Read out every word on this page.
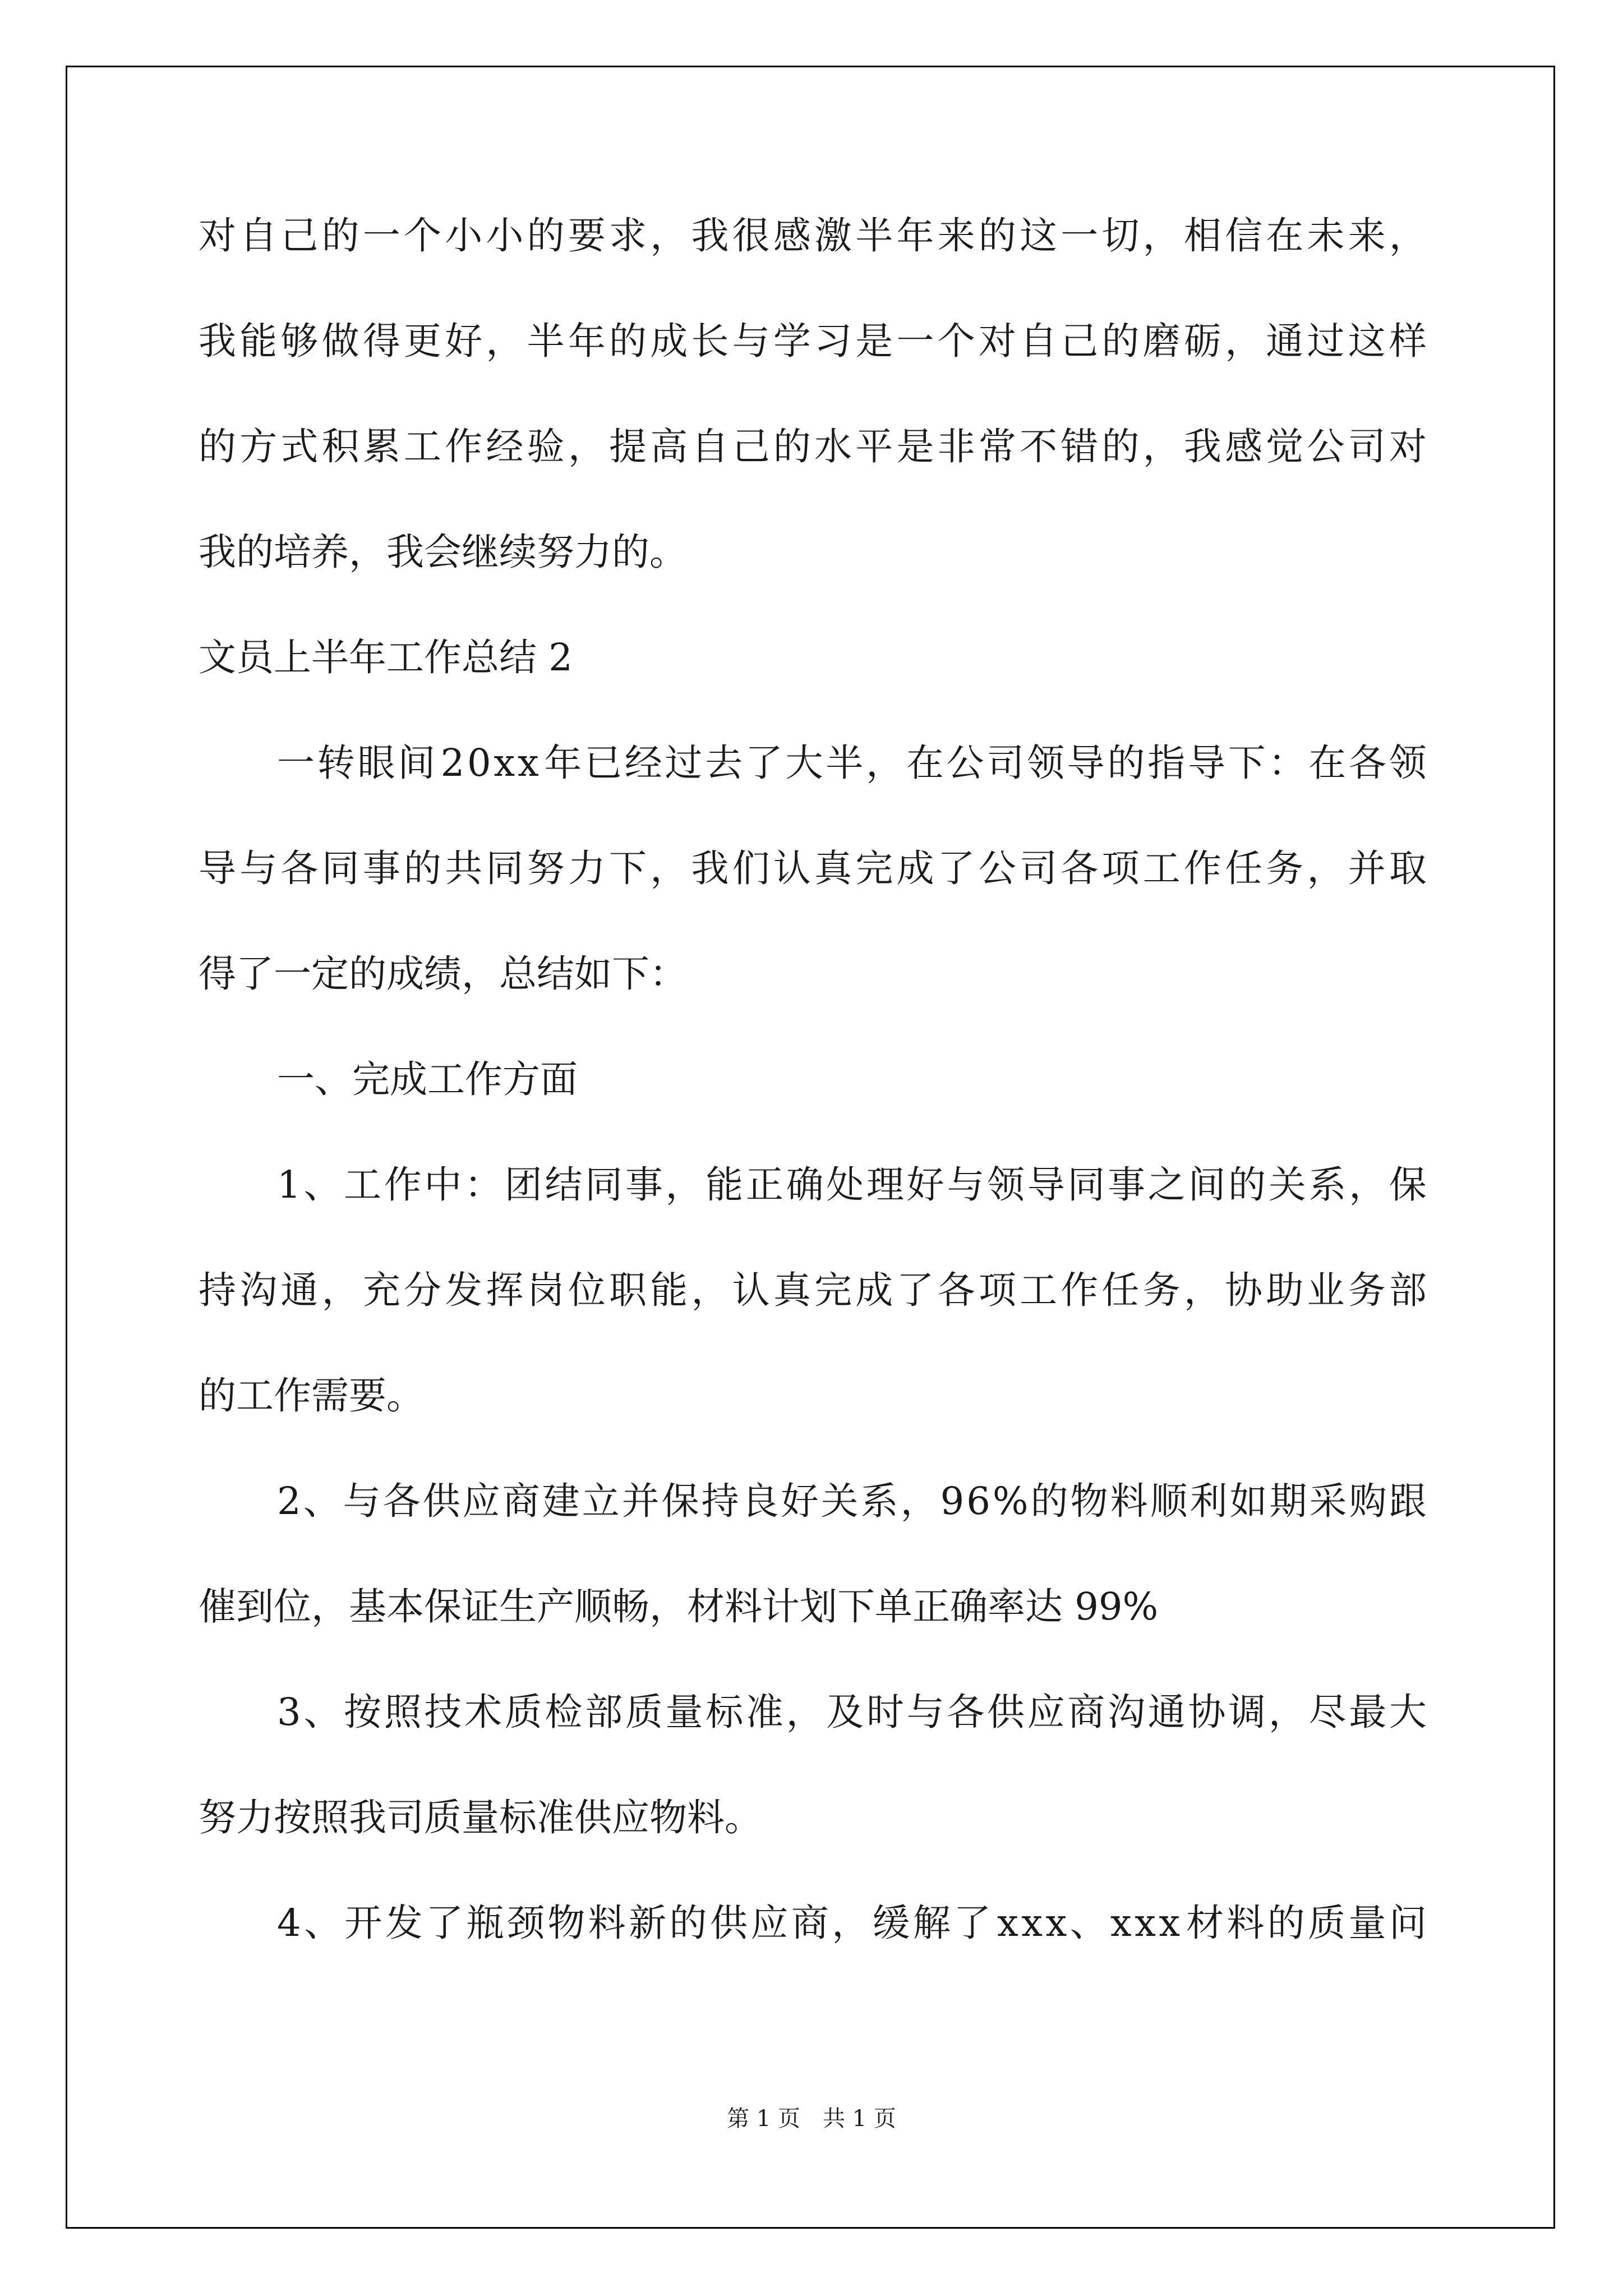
对 自 己 的 一 个 小 小 的 要 求 ， 我 很 感 激 半 年 来 的 这 一 切 ， 相 信 在 未 来 ，
我 能 够 做 得 更 好 ， 半 年 的 成 长 与 学 习 是 一 个 对 自 己 的 磨 砺 ， 通 过 这 样
的 方 式 积 累 工 作 经 验 ， 提 高 自 己 的 水 平 是 非 常 不 错 的 ， 我 感 觉 公 司 对
我的培养，我会继续努力的。
文员上半年工作总结 2
一 转 眼 间 2 0 x x 年 已 经 过 去 了 大 半 ， 在 公 司 领 导 的 指 导 下 ： 在 各 领
导 与 各 同 事 的 共 同 努 力 下 ， 我 们 认 真 完 成 了 公 司 各 项 工 作 任 务 ， 并 取
得了一定的成绩，总结如下：
一、完成工作方面
1 、 工 作 中 ： 团 结 同 事 ， 能 正 确 处 理 好 与 领 导 同 事 之 间 的 关 系 ， 保
持 沟 通 ， 充 分 发 挥 岗 位 职 能 ， 认 真 完 成 了 各 项 工 作 任 务 ， 协 助 业 务 部
的工作需要。
2 、 与 各 供 应 商 建 立 并 保 持 良 好 关 系 ， 9 6 % 的 物 料 顺 利 如 期 采 购 跟
催到位，基本保证生产顺畅，材料计划下单正确率达 99%
3 、 按 照 技 术 质 检 部 质 量 标 准 ， 及 时 与 各 供 应 商 沟 通 协 调 ， 尽 最 大
努力按照我司质量标准供应物料。
4 、 开 发 了 瓶 颈 物 料 新 的 供 应 商 ， 缓 解 了 x x x 、 x x x 材 料 的 质 量 问
第 1 页　共 1 页
